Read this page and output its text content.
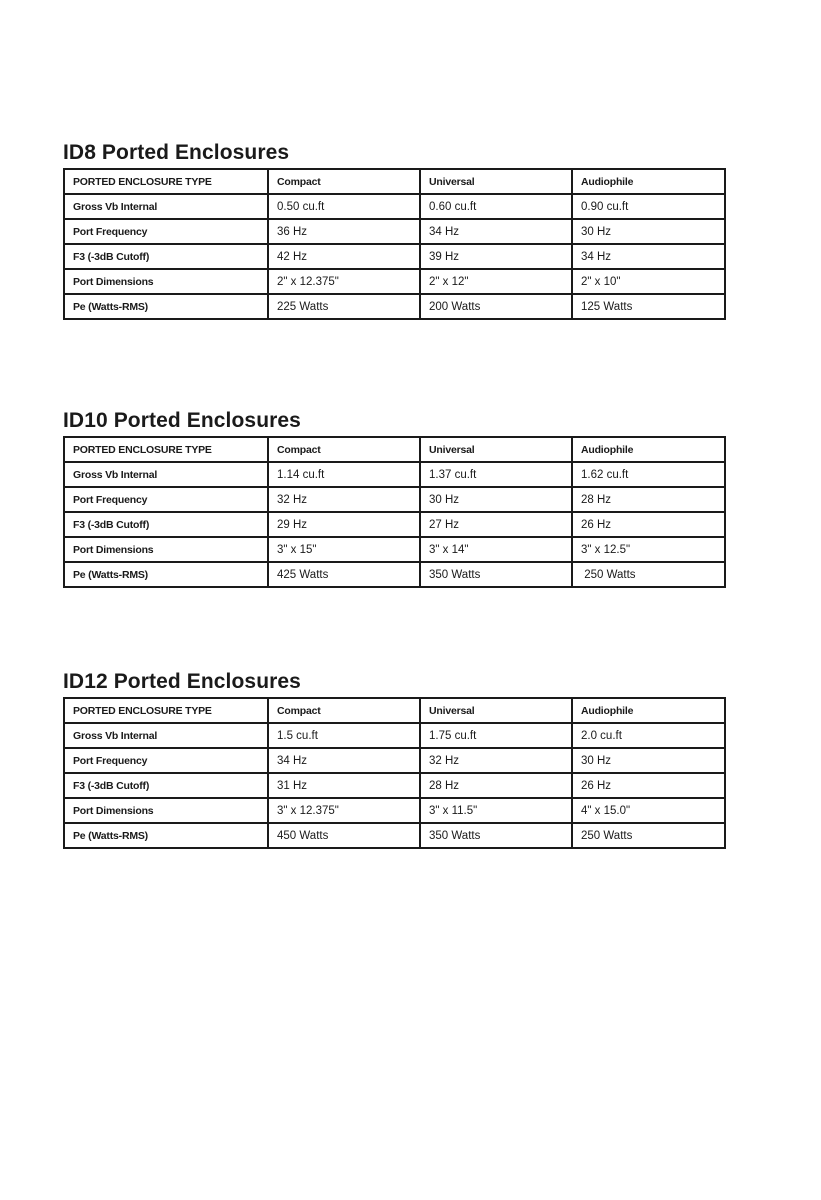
ID8 Ported Enclosures
PORTED ENCLOSURE TYPE	Compact	Universal	Audiophile
Gross Vb Internal	0.50 cu.ft	0.60 cu.ft	0.90 cu.ft
Port Frequency	36 Hz	34 Hz	30 Hz
F3 (-3dB Cutoff)	42 Hz	39 Hz	34 Hz
Port Dimensions	2" x 12.375"	2" x 12"	2" x 10"
Pe (Watts-RMS)	225 Watts	200 Watts	125 Watts
ID10 Ported Enclosures
PORTED ENCLOSURE TYPE	Compact	Universal	Audiophile
Gross Vb Internal	1.14 cu.ft	1.37 cu.ft	1.62 cu.ft
Port Frequency	32 Hz	30 Hz	28 Hz
F3 (-3dB Cutoff)	29 Hz	27 Hz	26 Hz
Port Dimensions	3" x 15"	3" x 14"	3" x 12.5"
Pe (Watts-RMS)	425 Watts	350 Watts	250 Watts
ID12 Ported Enclosures
PORTED ENCLOSURE TYPE	Compact	Universal	Audiophile
Gross Vb Internal	1.5 cu.ft	1.75 cu.ft	2.0 cu.ft
Port Frequency	34 Hz	32 Hz	30 Hz
F3 (-3dB Cutoff)	31 Hz	28 Hz	26 Hz
Port Dimensions	3" x 12.375"	3" x 11.5"	4" x 15.0"
Pe (Watts-RMS)	450 Watts	350 Watts	250 Watts
